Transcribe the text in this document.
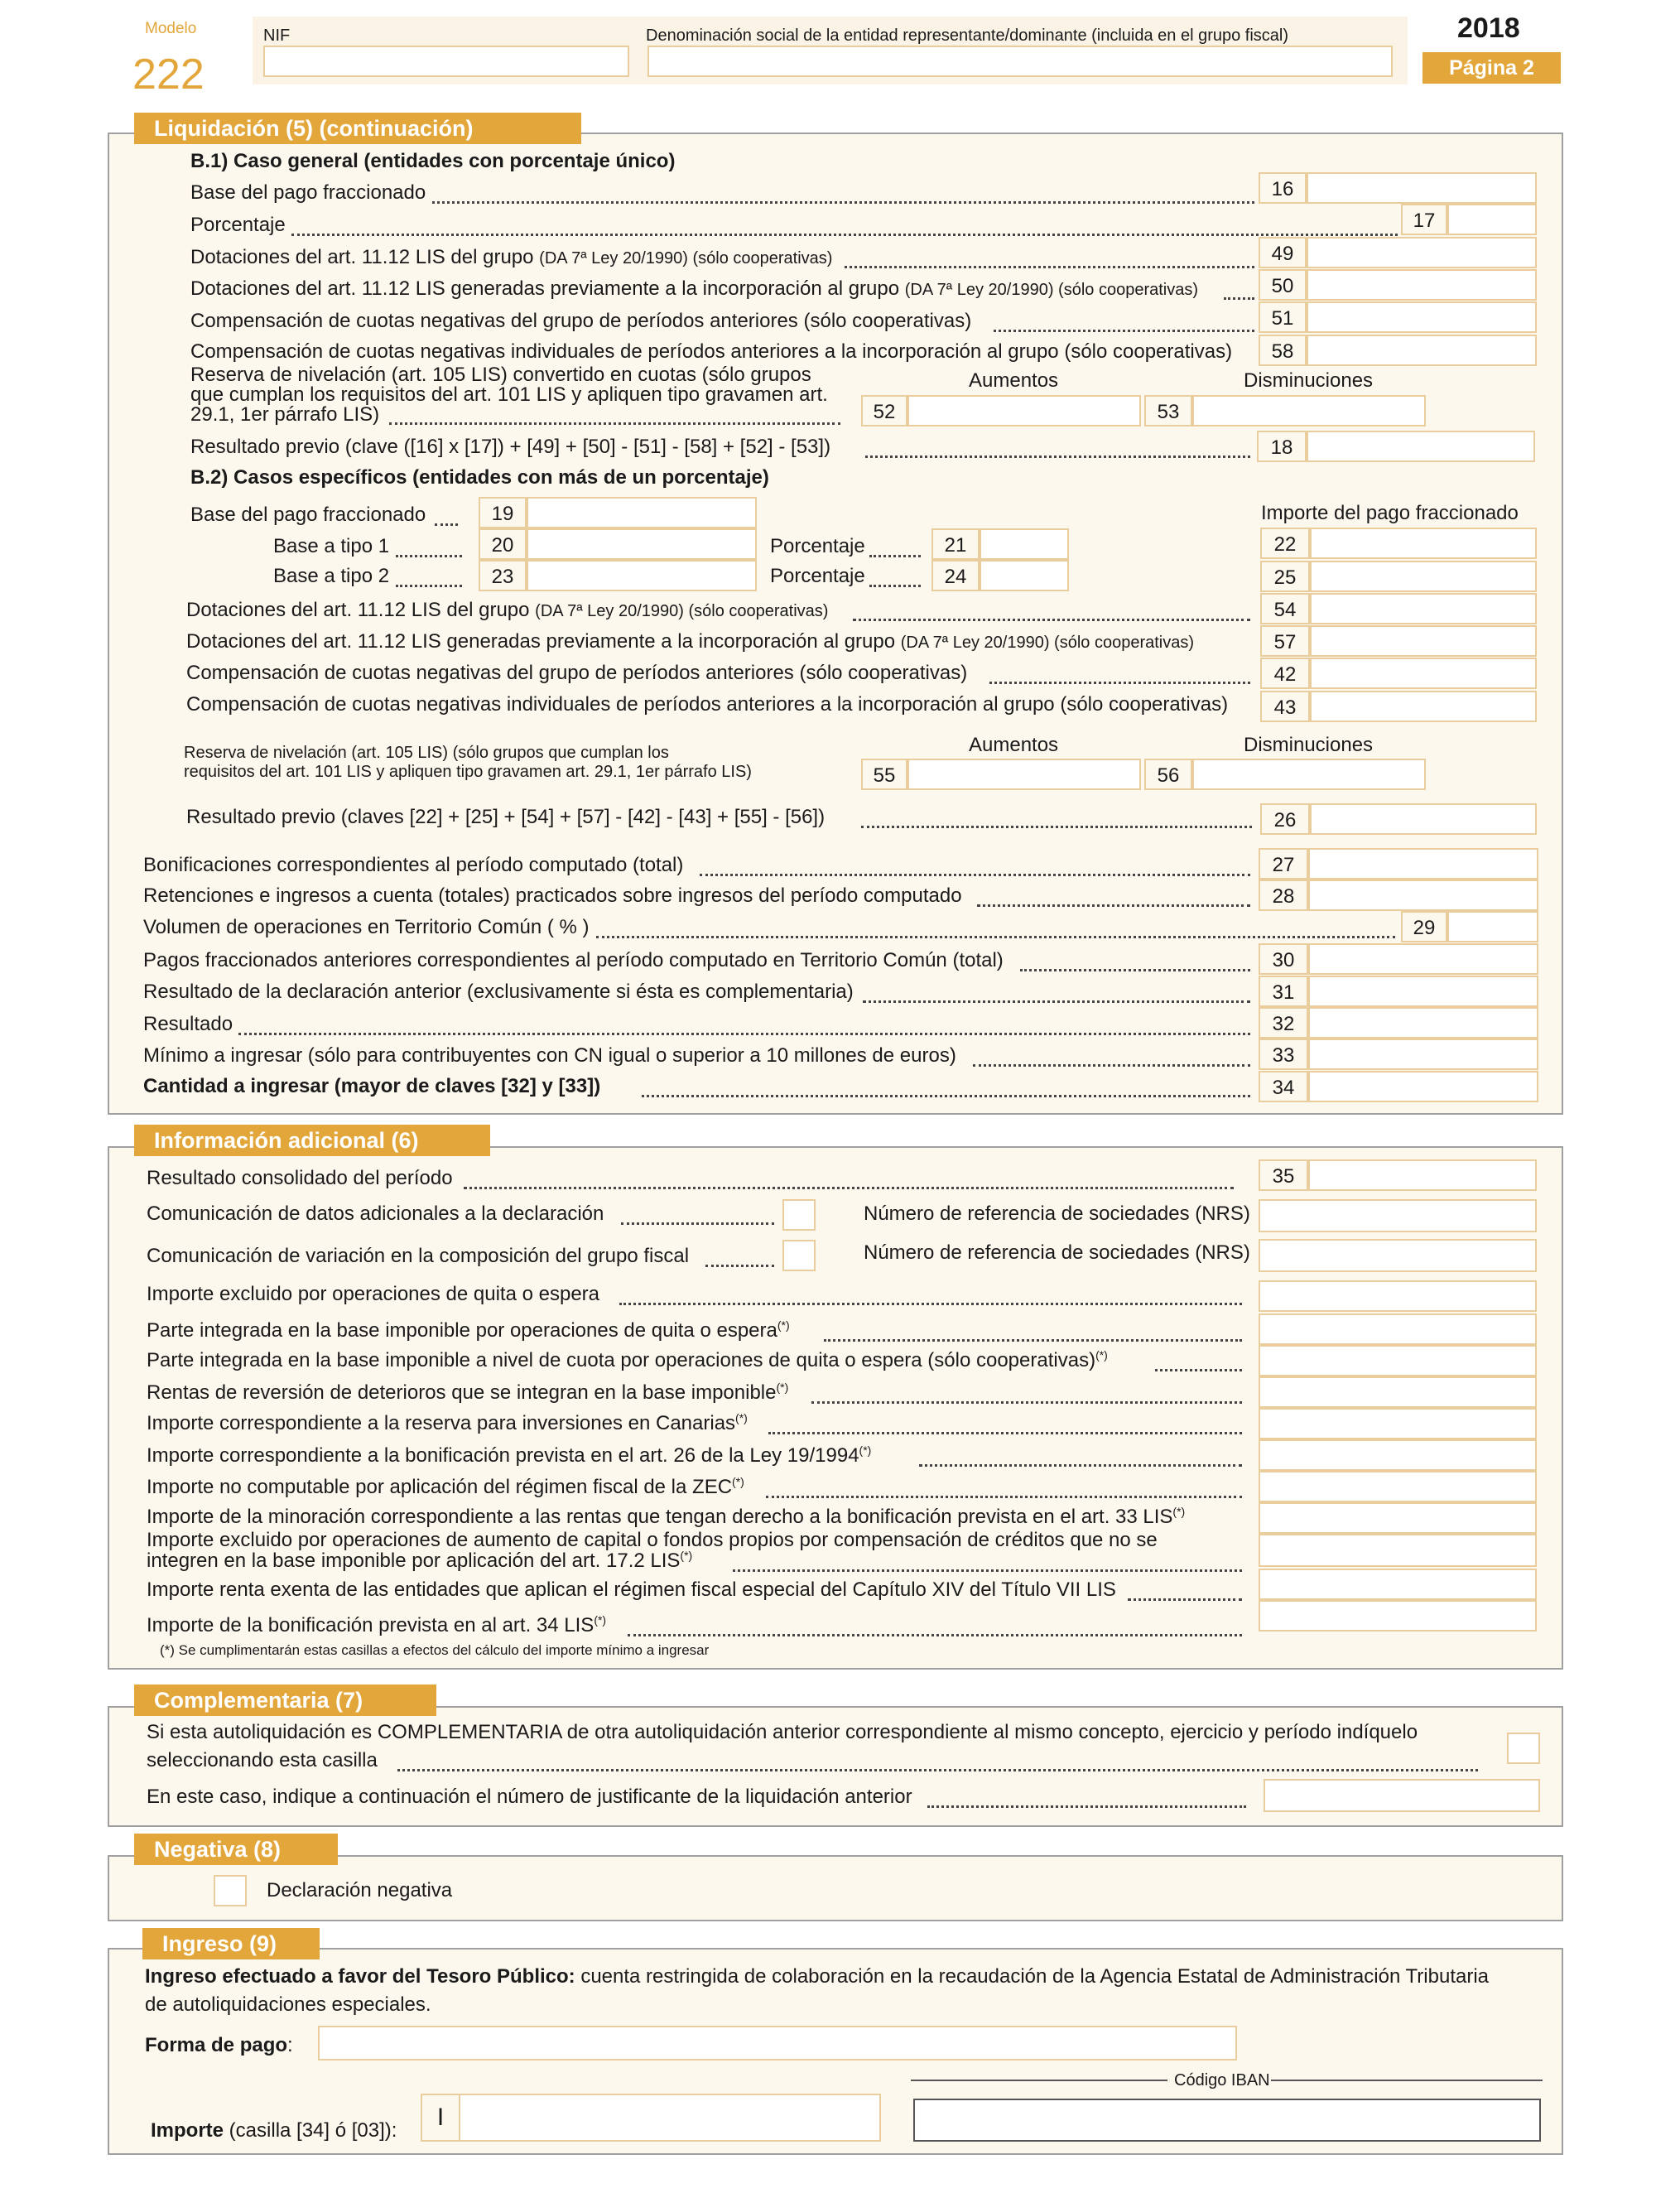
Modelo
222
NIF	Denominación social de la entidad representante/dominante (incluida en el grupo fiscal)	2018
Página 2
Liquidación (5) (continuación)
B.1) Caso general (entidades con porcentaje único)
Base del pago fraccionado	16
Porcentaje	17
Dotaciones del art. 11.12 LIS del grupo (DA 7ª Ley 20/1990) (sólo cooperativas)	49
Dotaciones del art. 11.12 LIS generadas previamente a la incorporación al grupo (DA 7ª Ley 20/1990) (sólo cooperativas)	50
Compensación de cuotas negativas del grupo de períodos anteriores (sólo cooperativas)	51
Compensación de cuotas negativas individuales de períodos anteriores a la incorporación al grupo (sólo cooperativas)	58
Reserva de nivelación (art. 105 LIS) convertido en cuotas (sólo grupos
que cumplan los requisitos del art. 101 LIS y apliquen tipo gravamen art.
29.1, 1er párrafo LIS)
Aumentos	Disminuciones
52	53
Resultado previo (clave ([16] x [17]) + [49] + [50] - [51] - [58] + [52] - [53])	18
B.2) Casos específicos (entidades con más de un porcentaje)
Importe del pago fraccionado
Base del pago fraccionado	19
Base a tipo 1	20	Porcentaje	21	22
Base a tipo 2	23	Porcentaje	24	25
Dotaciones del art. 11.12 LIS del grupo (DA 7ª Ley 20/1990) (sólo cooperativas)	54
Dotaciones del art. 11.12 LIS generadas previamente a la incorporación al grupo (DA 7ª Ley 20/1990) (sólo cooperativas)	57
Compensación de cuotas negativas del grupo de períodos anteriores (sólo cooperativas)	42
Compensación de cuotas negativas individuales de períodos anteriores a la incorporación al grupo (sólo cooperativas)	43
Aumentos	Disminuciones
Reserva de nivelación (art. 105 LIS) (sólo grupos que cumplan los
requisitos del art. 101 LIS y apliquen tipo gravamen art. 29.1, 1er párrafo LIS)	55	56
Resultado previo (claves [22] + [25] + [54] + [57] - [42] - [43] + [55] - [56])	26
Bonificaciones correspondientes al período computado (total)	27
Retenciones e ingresos a cuenta (totales) practicados sobre ingresos del período computado	28
Volumen de operaciones en Territorio Común ( % )	29
Pagos fraccionados anteriores correspondientes al período computado en Territorio Común (total)	30
Resultado de la declaración anterior (exclusivamente si ésta es complementaria)	31
Resultado	32
Mínimo a ingresar (sólo para contribuyentes con CN igual o superior a 10 millones de euros)	33
Cantidad a ingresar (mayor de claves [32] y [33])	34
Información adicional (6)
Resultado consolidado del período	35
Comunicación de datos adicionales a la declaración	Número de referencia de sociedades (NRS)
Comunicación de variación en la composición del grupo fiscal	Número de referencia de sociedades (NRS)
Importe excluido por operaciones de quita o espera
Parte integrada en la base imponible por operaciones de quita o espera(*)
Parte integrada en la base imponible a nivel de cuota por operaciones de quita o espera (sólo cooperativas)(*)
Rentas de reversión de deterioros que se integran en la base imponible(*)
Importe correspondiente a la reserva para inversiones en Canarias(*)
Importe correspondiente a la bonificación prevista en el art. 26 de la Ley 19/1994(*)
Importe no computable por aplicación del régimen fiscal de la ZEC(*)
Importe de la minoración correspondiente a las rentas que tengan derecho a la bonificación prevista en el art. 33 LIS(*)
Importe excluido por operaciones de aumento de capital o fondos propios por compensación de créditos que no se
integren en la base imponible por aplicación del art. 17.2 LIS(*)
Importe renta exenta de las entidades que aplican el régimen fiscal especial del Capítulo XIV del Título VII LIS
Importe de la bonificación prevista en al art. 34 LIS(*)
(*) Se cumplimentarán estas casillas a efectos del cálculo del importe mínimo a ingresar
Complementaria (7)
Si esta autoliquidación es COMPLEMENTARIA de otra autoliquidación anterior correspondiente al mismo concepto, ejercicio y período indíquelo
seleccionando esta casilla
En este caso, indique a continuación el número de justificante de la liquidación anterior
Negativa (8)
Declaración negativa
Ingreso (9)
Ingreso efectuado a favor del Tesoro Público: cuenta restringida de colaboración en la recaudación de la Agencia Estatal de Administración Tributaria
de autoliquidaciones especiales.
Forma de pago:
Código IBAN
Importe (casilla [34] ó [03]):	I
